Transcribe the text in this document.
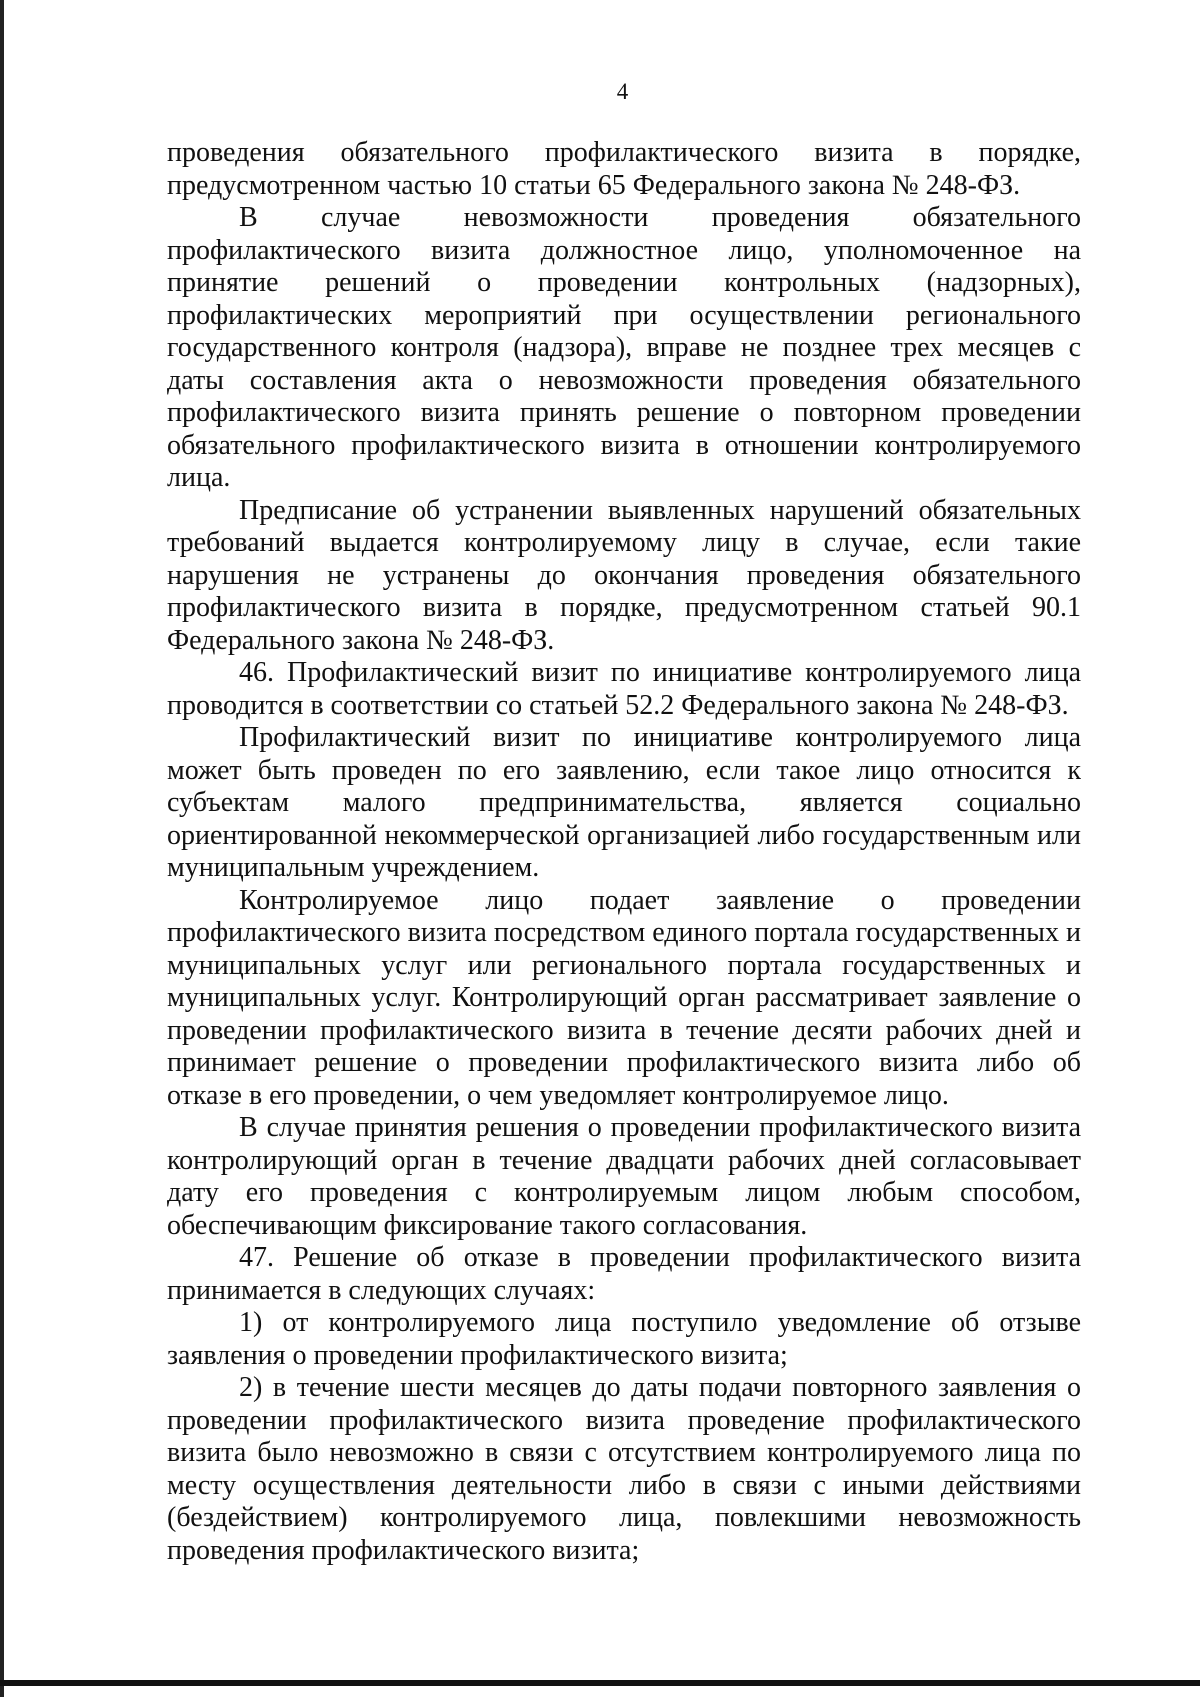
4

проведения обязательного профилактического визита в порядке, предусмотренном частью 10 статьи 65 Федерального закона № 248-ФЗ.

В случае невозможности проведения обязательного профилактического визита должностное лицо, уполномоченное на принятие решений о проведении контрольных (надзорных), профилактических мероприятий при осуществлении регионального государственного контроля (надзора), вправе не позднее трех месяцев с даты составления акта о невозможности проведения обязательного профилактического визита принять решение о повторном проведении обязательного профилактического визита в отношении контролируемого лица.

Предписание об устранении выявленных нарушений обязательных требований выдается контролируемому лицу в случае, если такие нарушения не устранены до окончания проведения обязательного профилактического визита в порядке, предусмотренном статьей 90.1 Федерального закона № 248-ФЗ.

46. Профилактический визит по инициативе контролируемого лица проводится в соответствии со статьей 52.2 Федерального закона № 248-ФЗ.

Профилактический визит по инициативе контролируемого лица может быть проведен по его заявлению, если такое лицо относится к субъектам малого предпринимательства, является социально ориентированной некоммерческой организацией либо государственным или муниципальным учреждением.

Контролируемое лицо подает заявление о проведении профилактического визита посредством единого портала государственных и муниципальных услуг или регионального портала государственных и муниципальных услуг. Контролирующий орган рассматривает заявление о проведении профилактического визита в течение десяти рабочих дней и принимает решение о проведении профилактического визита либо об отказе в его проведении, о чем уведомляет контролируемое лицо.

В случае принятия решения о проведении профилактического визита контролирующий орган в течение двадцати рабочих дней согласовывает дату его проведения с контролируемым лицом любым способом, обеспечивающим фиксирование такого согласования.

47. Решение об отказе в проведении профилактического визита принимается в следующих случаях:

1) от контролируемого лица поступило уведомление об отзыве заявления о проведении профилактического визита;

2) в течение шести месяцев до даты подачи повторного заявления о проведении профилактического визита проведение профилактического визита было невозможно в связи с отсутствием контролируемого лица по месту осуществления деятельности либо в связи с иными действиями (бездействием) контролируемого лица, повлекшими невозможность проведения профилактического визита;
